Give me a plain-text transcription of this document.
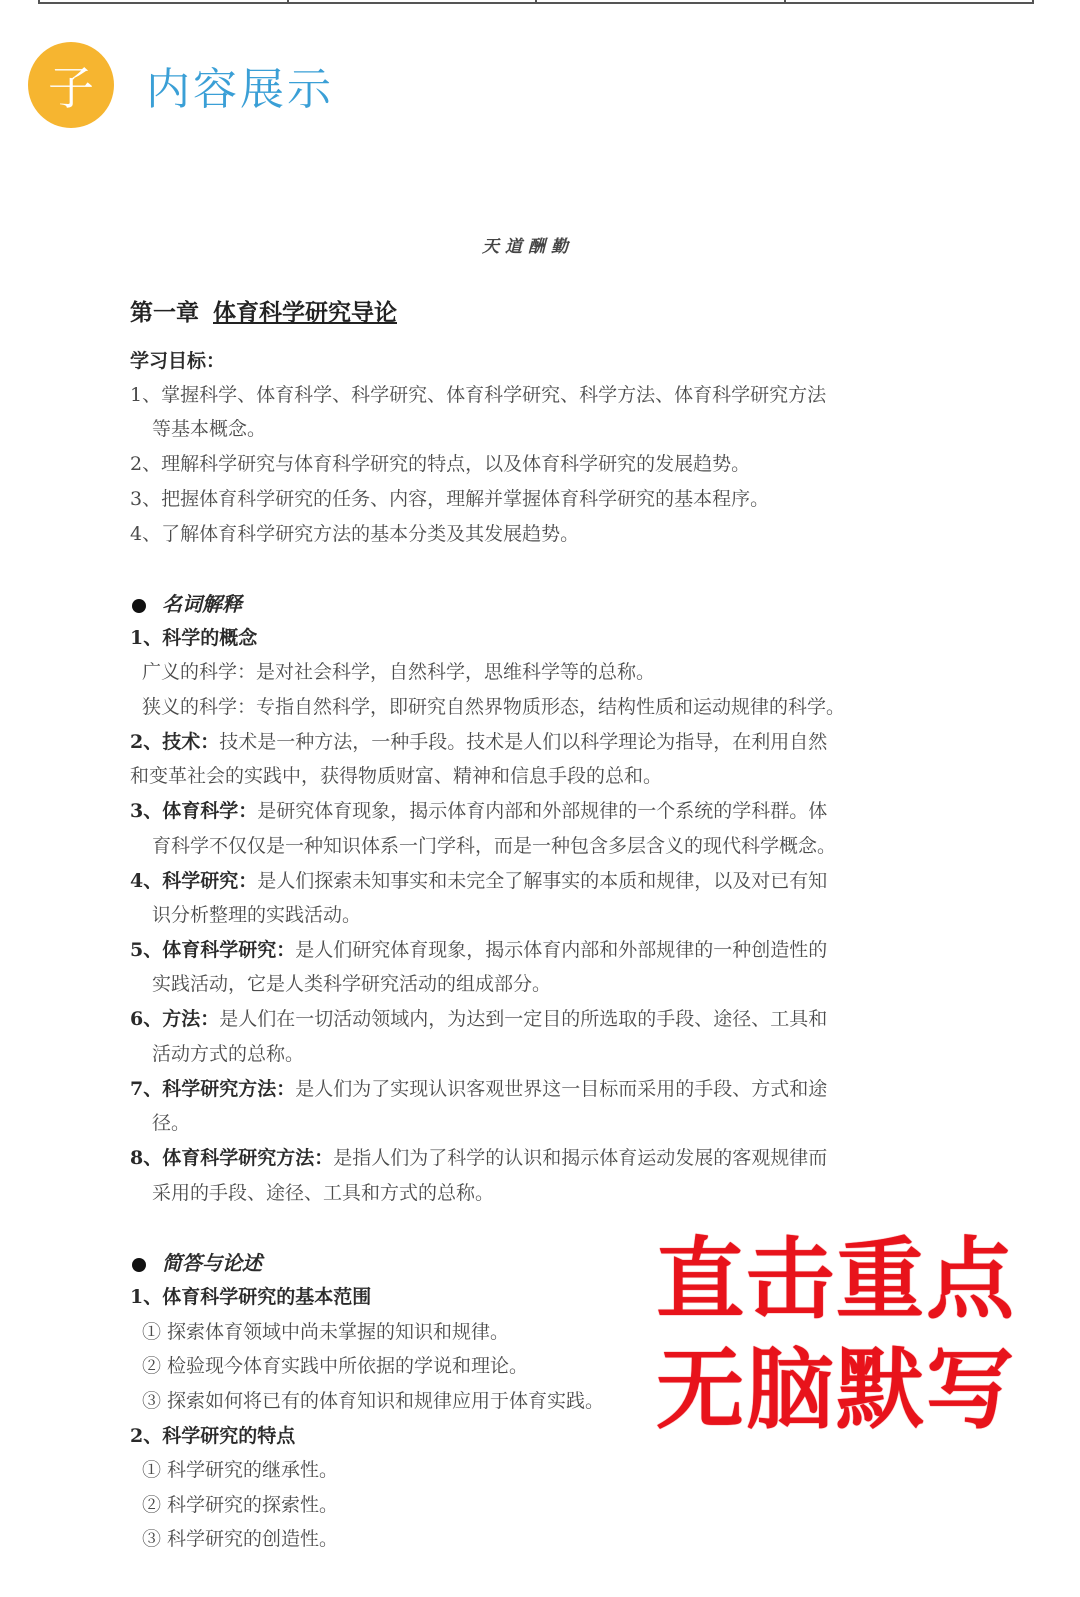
子	内容展示
天道酬勤
第一章 体育科学研究导论
学习目标：
1、掌握科学、体育科学、科学研究、体育科学研究、科学方法、体育科学研究方法
等基本概念。
2、理解科学研究与体育科学研究的特点，以及体育科学研究的发展趋势。
3、把握体育科学研究的任务、内容，理解并掌握体育科学研究的基本程序。
4、了解体育科学研究方法的基本分类及其发展趋势。
名词解释
1、科学的概念
广义的科学：是对社会科学，自然科学，思维科学等的总称。
狭义的科学：专指自然科学，即研究自然界物质形态，结构性质和运动规律的科学。
2、技术：技术是一种方法，一种手段。技术是人们以科学理论为指导，在利用自然
和变革社会的实践中，获得物质财富、精神和信息手段的总和。
3、体育科学：是研究体育现象，揭示体育内部和外部规律的一个系统的学科群。体
育科学不仅仅是一种知识体系一门学科，而是一种包含多层含义的现代科学概念。
4、科学研究：是人们探索未知事实和未完全了解事实的本质和规律，以及对已有知
识分析整理的实践活动。
5、体育科学研究：是人们研究体育现象，揭示体育内部和外部规律的一种创造性的
实践活动，它是人类科学研究活动的组成部分。
6、方法：是人们在一切活动领域内，为达到一定目的所选取的手段、途径、工具和
活动方式的总称。
7、科学研究方法：是人们为了实现认识客观世界这一目标而采用的手段、方式和途
径。
8、体育科学研究方法：是指人们为了科学的认识和揭示体育运动发展的客观规律而
采用的手段、途径、工具和方式的总称。
简答与论述
1、体育科学研究的基本范围
① 探索体育领域中尚未掌握的知识和规律。
② 检验现今体育实践中所依据的学说和理论。
③ 探索如何将已有的体育知识和规律应用于体育实践。
2、科学研究的特点
① 科学研究的继承性。
② 科学研究的探索性。
③ 科学研究的创造性。
直击重点
无脑默写
